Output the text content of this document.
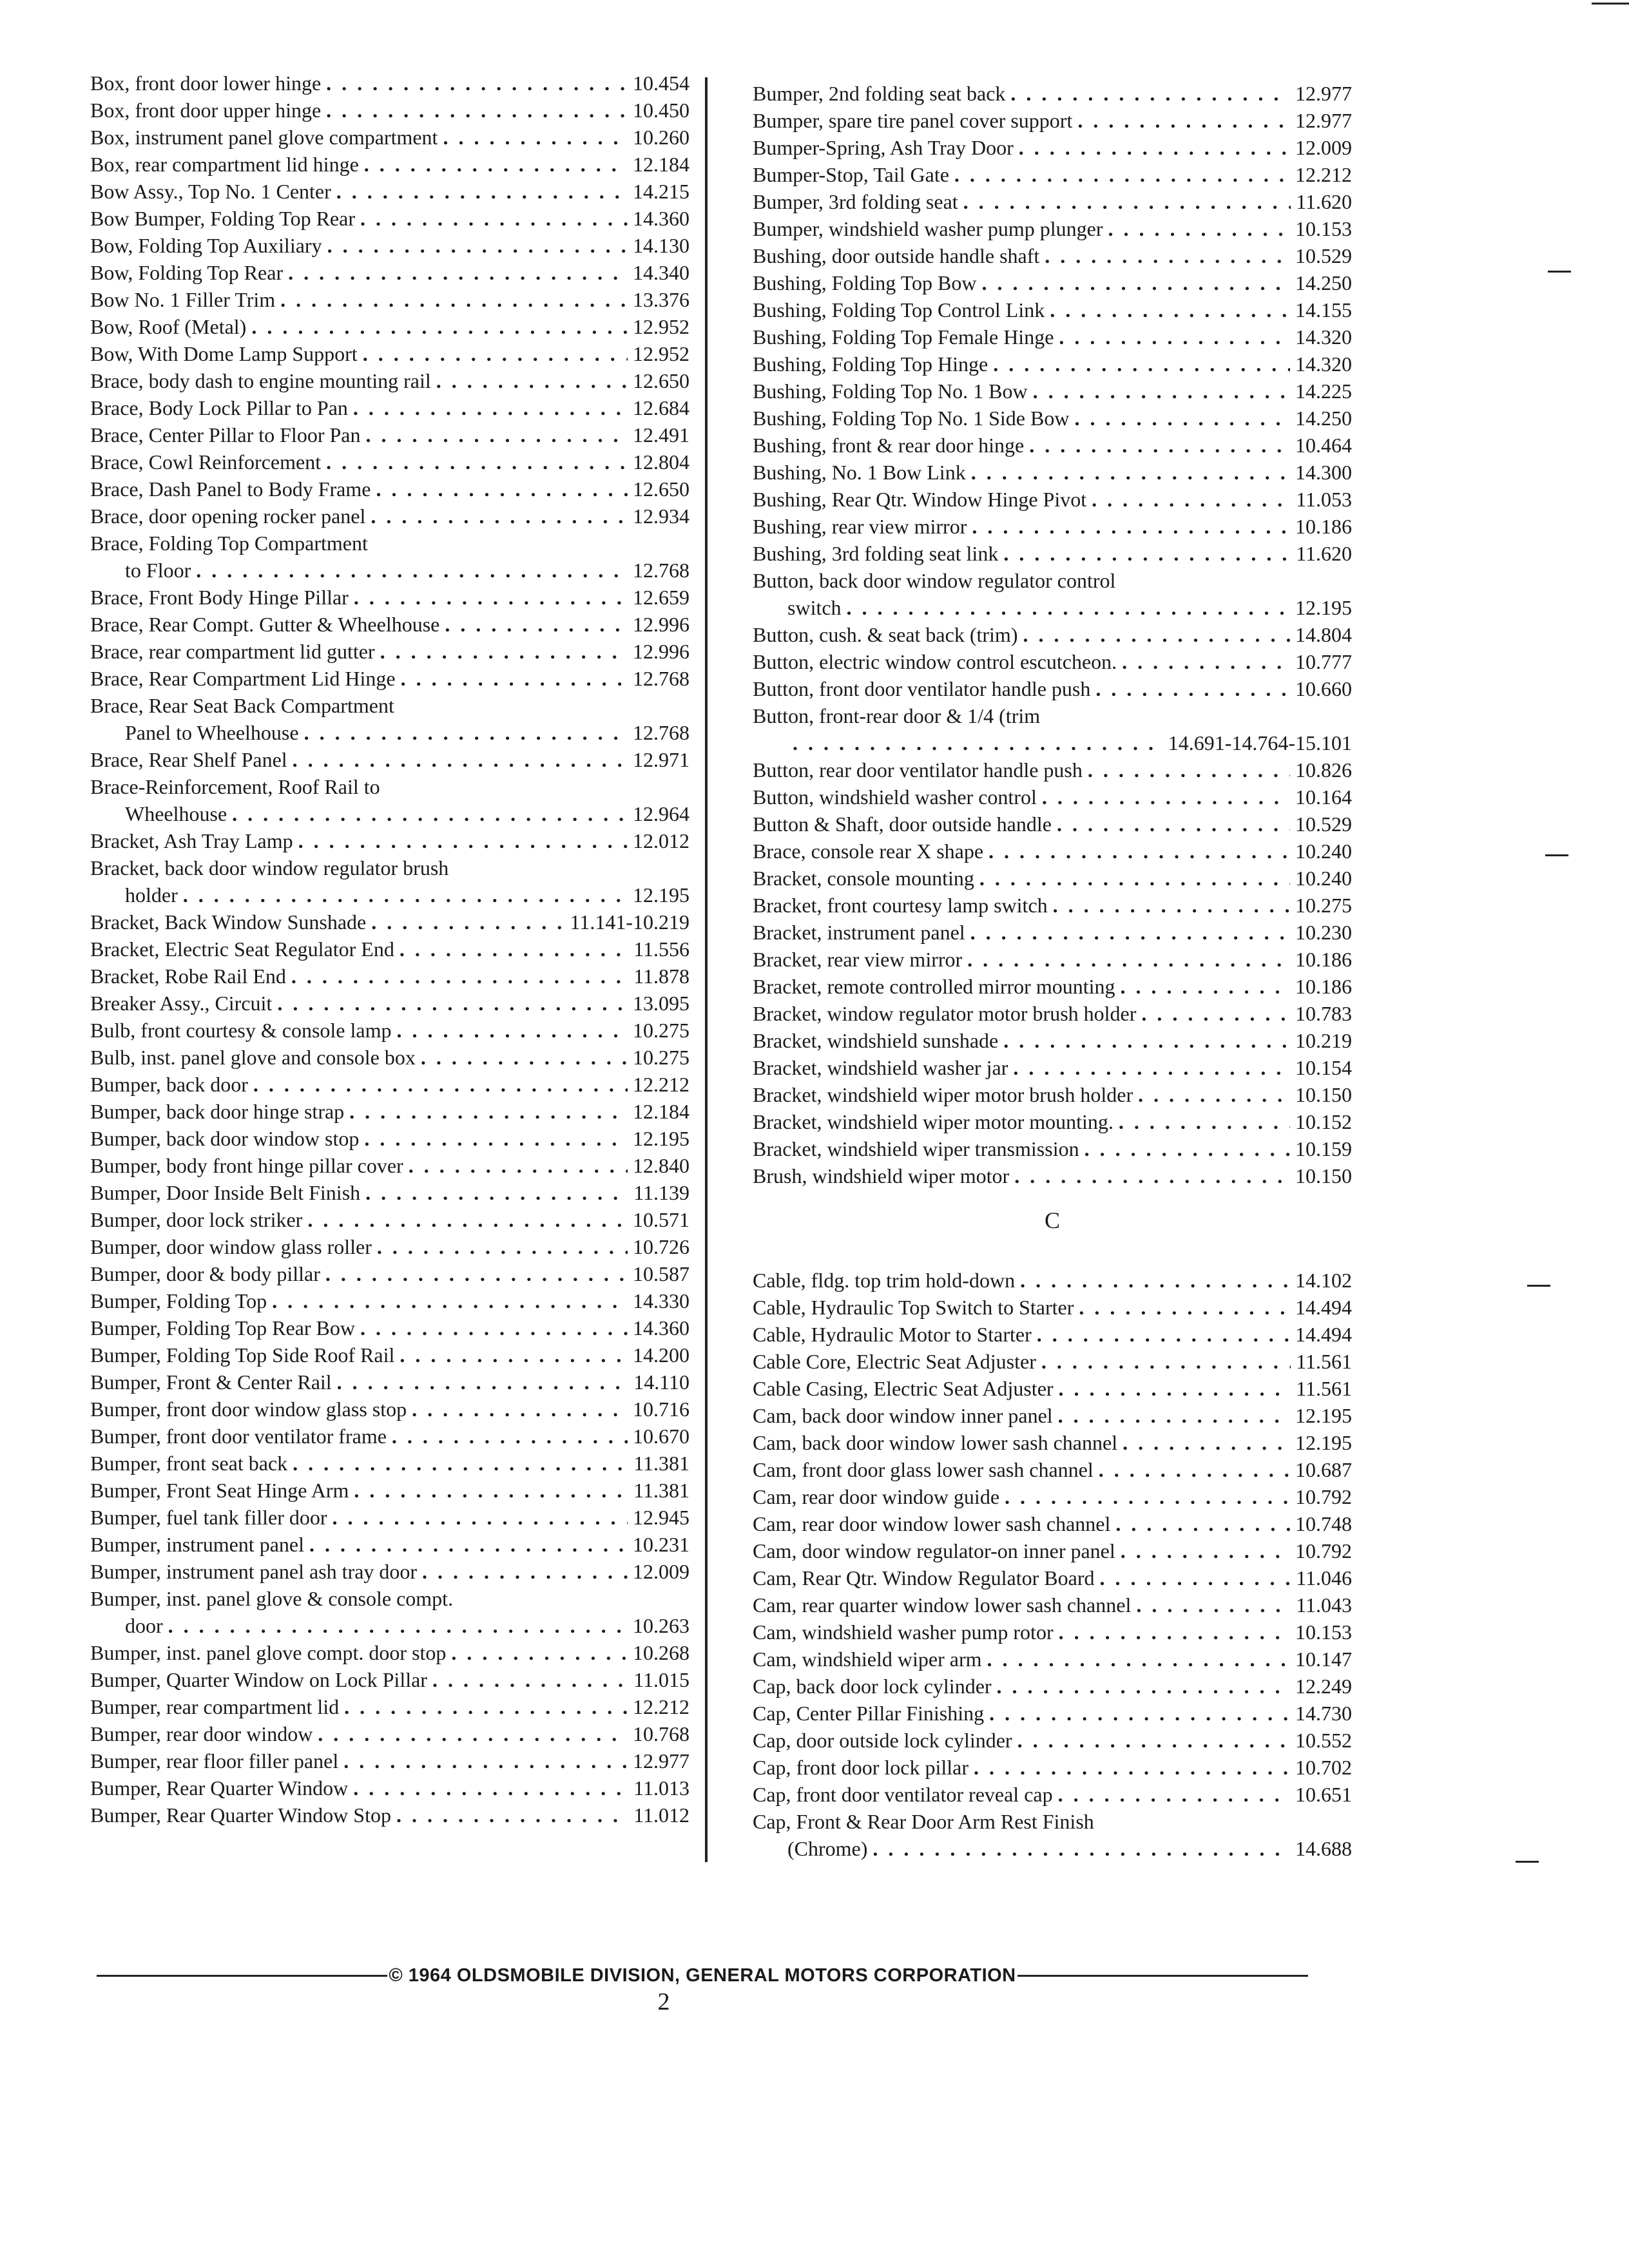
Box, front door lower hinge . . .	10.454
Box, front door upper hinge . . .	10.450
Box, instrument panel glove compartment . . .	10.260
Box, rear compartment lid hinge . . .	12.184
Bow Assy., Top No. 1 Center . . .	14.215
Bow Bumper, Folding Top Rear . . .	14.360
Bow, Folding Top Auxiliary . . .	14.130
Bow, Folding Top Rear . . .	14.340
Bow No. 1 Filler Trim . . .	13.376
Bow, Roof (Metal) . . .	12.952
Bow, With Dome Lamp Support . . .	12.952
Brace, body dash to engine mounting rail . . .	12.650
Brace, Body Lock Pillar to Pan . . .	12.684
Brace, Center Pillar to Floor Pan . . .	12.491
Brace, Cowl Reinforcement . . .	12.804
Brace, Dash Panel to Body Frame . . .	12.650
Brace, door opening rocker panel . . .	12.934
Brace, Folding Top Compartment
to Floor . . .	12.768
Brace, Front Body Hinge Pillar . . .	12.659
Brace, Rear Compt. Gutter & Wheelhouse . . .	12.996
Brace, rear compartment lid gutter . . .	12.996
Brace, Rear Compartment Lid Hinge . . .	12.768
Brace, Rear Seat Back Compartment
Panel to Wheelhouse . . .	12.768
Brace, Rear Shelf Panel . . .	12.971
Brace-Reinforcement, Roof Rail to
Wheelhouse . . .	12.964
Bracket, Ash Tray Lamp . . .	12.012
Bracket, back door window regulator brush
holder . . .	12.195
Bracket, Back Window Sunshade . . .	11.141-10.219
Bracket, Electric Seat Regulator End . . .	11.556
Bracket, Robe Rail End . . .	11.878
Breaker Assy., Circuit . . .	13.095
Bulb, front courtesy & console lamp . . .	10.275
Bulb, inst. panel glove and console box . . .	10.275
Bumper, back door . . .	12.212
Bumper, back door hinge strap . . .	12.184
Bumper, back door window stop . . .	12.195
Bumper, body front hinge pillar cover . . .	12.840
Bumper, Door Inside Belt Finish . . .	11.139
Bumper, door lock striker . . .	10.571
Bumper, door window glass roller . . .	10.726
Bumper, door & body pillar . . .	10.587
Bumper, Folding Top . . .	14.330
Bumper, Folding Top Rear Bow . . .	14.360
Bumper, Folding Top Side Roof Rail . . .	14.200
Bumper, Front & Center Rail . . .	14.110
Bumper, front door window glass stop . . .	10.716
Bumper, front door ventilator frame . . .	10.670
Bumper, front seat back . . .	11.381
Bumper, Front Seat Hinge Arm . . .	11.381
Bumper, fuel tank filler door . . .	12.945
Bumper, instrument panel . . .	10.231
Bumper, instrument panel ash tray door . . .	12.009
Bumper, inst. panel glove & console compt.
door . . .	10.263
Bumper, inst. panel glove compt. door stop . . .	10.268
Bumper, Quarter Window on Lock Pillar . . .	11.015
Bumper, rear compartment lid . . .	12.212
Bumper, rear door window . . .	10.768
Bumper, rear floor filler panel . . .	12.977
Bumper, Rear Quarter Window . . .	11.013
Bumper, Rear Quarter Window Stop . . .	11.012
Bumper, 2nd folding seat back . . .	12.977
Bumper, spare tire panel cover support . . .	12.977
Bumper-Spring, Ash Tray Door . . .	12.009
Bumper-Stop, Tail Gate . . .	12.212
Bumper, 3rd folding seat . . .	11.620
Bumper, windshield washer pump plunger . . .	10.153
Bushing, door outside handle shaft . . .	10.529
Bushing, Folding Top Bow . . .	14.250
Bushing, Folding Top Control Link . . .	14.155
Bushing, Folding Top Female Hinge . . .	14.320
Bushing, Folding Top Hinge . . .	14.320
Bushing, Folding Top No. 1 Bow . . .	14.225
Bushing, Folding Top No. 1 Side Bow . . .	14.250
Bushing, front & rear door hinge . . .	10.464
Bushing, No. 1 Bow Link . . .	14.300
Bushing, Rear Qtr. Window Hinge Pivot . . .	11.053
Bushing, rear view mirror . . .	10.186
Bushing, 3rd folding seat link . . .	11.620
Button, back door window regulator control
switch . . .	12.195
Button, cush. & seat back (trim) . . .	14.804
Button, electric window control escutcheon. . . .	10.777
Button, front door ventilator handle push . . .	10.660
Button, front-rear door & 1/4 (trim
. . .
14.691-14.764-15.101
Button, rear door ventilator handle push . . .	10.826
Button, windshield washer control . . .	10.164
Button & Shaft, door outside handle . . .	10.529
Brace, console rear X shape . . .	10.240
Bracket, console mounting . . .	10.240
Bracket, front courtesy lamp switch . . .	10.275
Bracket, instrument panel . . .	10.230
Bracket, rear view mirror . . .	10.186
Bracket, remote controlled mirror mounting . . .	10.186
Bracket, window regulator motor brush holder . . .	10.783
Bracket, windshield sunshade . . .	10.219
Bracket, windshield washer jar . . .	10.154
Bracket, windshield wiper motor brush holder . . .	10.150
Bracket, windshield wiper motor mounting. . . .	10.152
Bracket, windshield wiper transmission . . .	10.159
Brush, windshield wiper motor . . .	10.150
C
Cable, fldg. top trim hold-down . . .	14.102
Cable, Hydraulic Top Switch to Starter . . .	14.494
Cable, Hydraulic Motor to Starter . . .	14.494
Cable Core, Electric Seat Adjuster . . .	11.561
Cable Casing, Electric Seat Adjuster . . .	11.561
Cam, back door window inner panel . . .	12.195
Cam, back door window lower sash channel . . .	12.195
Cam, front door glass lower sash channel . . .	10.687
Cam, rear door window guide . . .	10.792
Cam, rear door window lower sash channel . . .	10.748
Cam, door window regulator-on inner panel . . .	10.792
Cam, Rear Qtr. Window Regulator Board . . .	11.046
Cam, rear quarter window lower sash channel . . .	11.043
Cam, windshield washer pump rotor . . .	10.153
Cam, windshield wiper arm . . .	10.147
Cap, back door lock cylinder . . .	12.249
Cap, Center Pillar Finishing . . .	14.730
Cap, door outside lock cylinder . . .	10.552
Cap, front door lock pillar . . .	10.702
Cap, front door ventilator reveal cap . . .	10.651
Cap, Front & Rear Door Arm Rest Finish
(Chrome) . . .	14.688
© 1964 OLDSMOBILE DIVISION, GENERAL MOTORS CORPORATION
2
